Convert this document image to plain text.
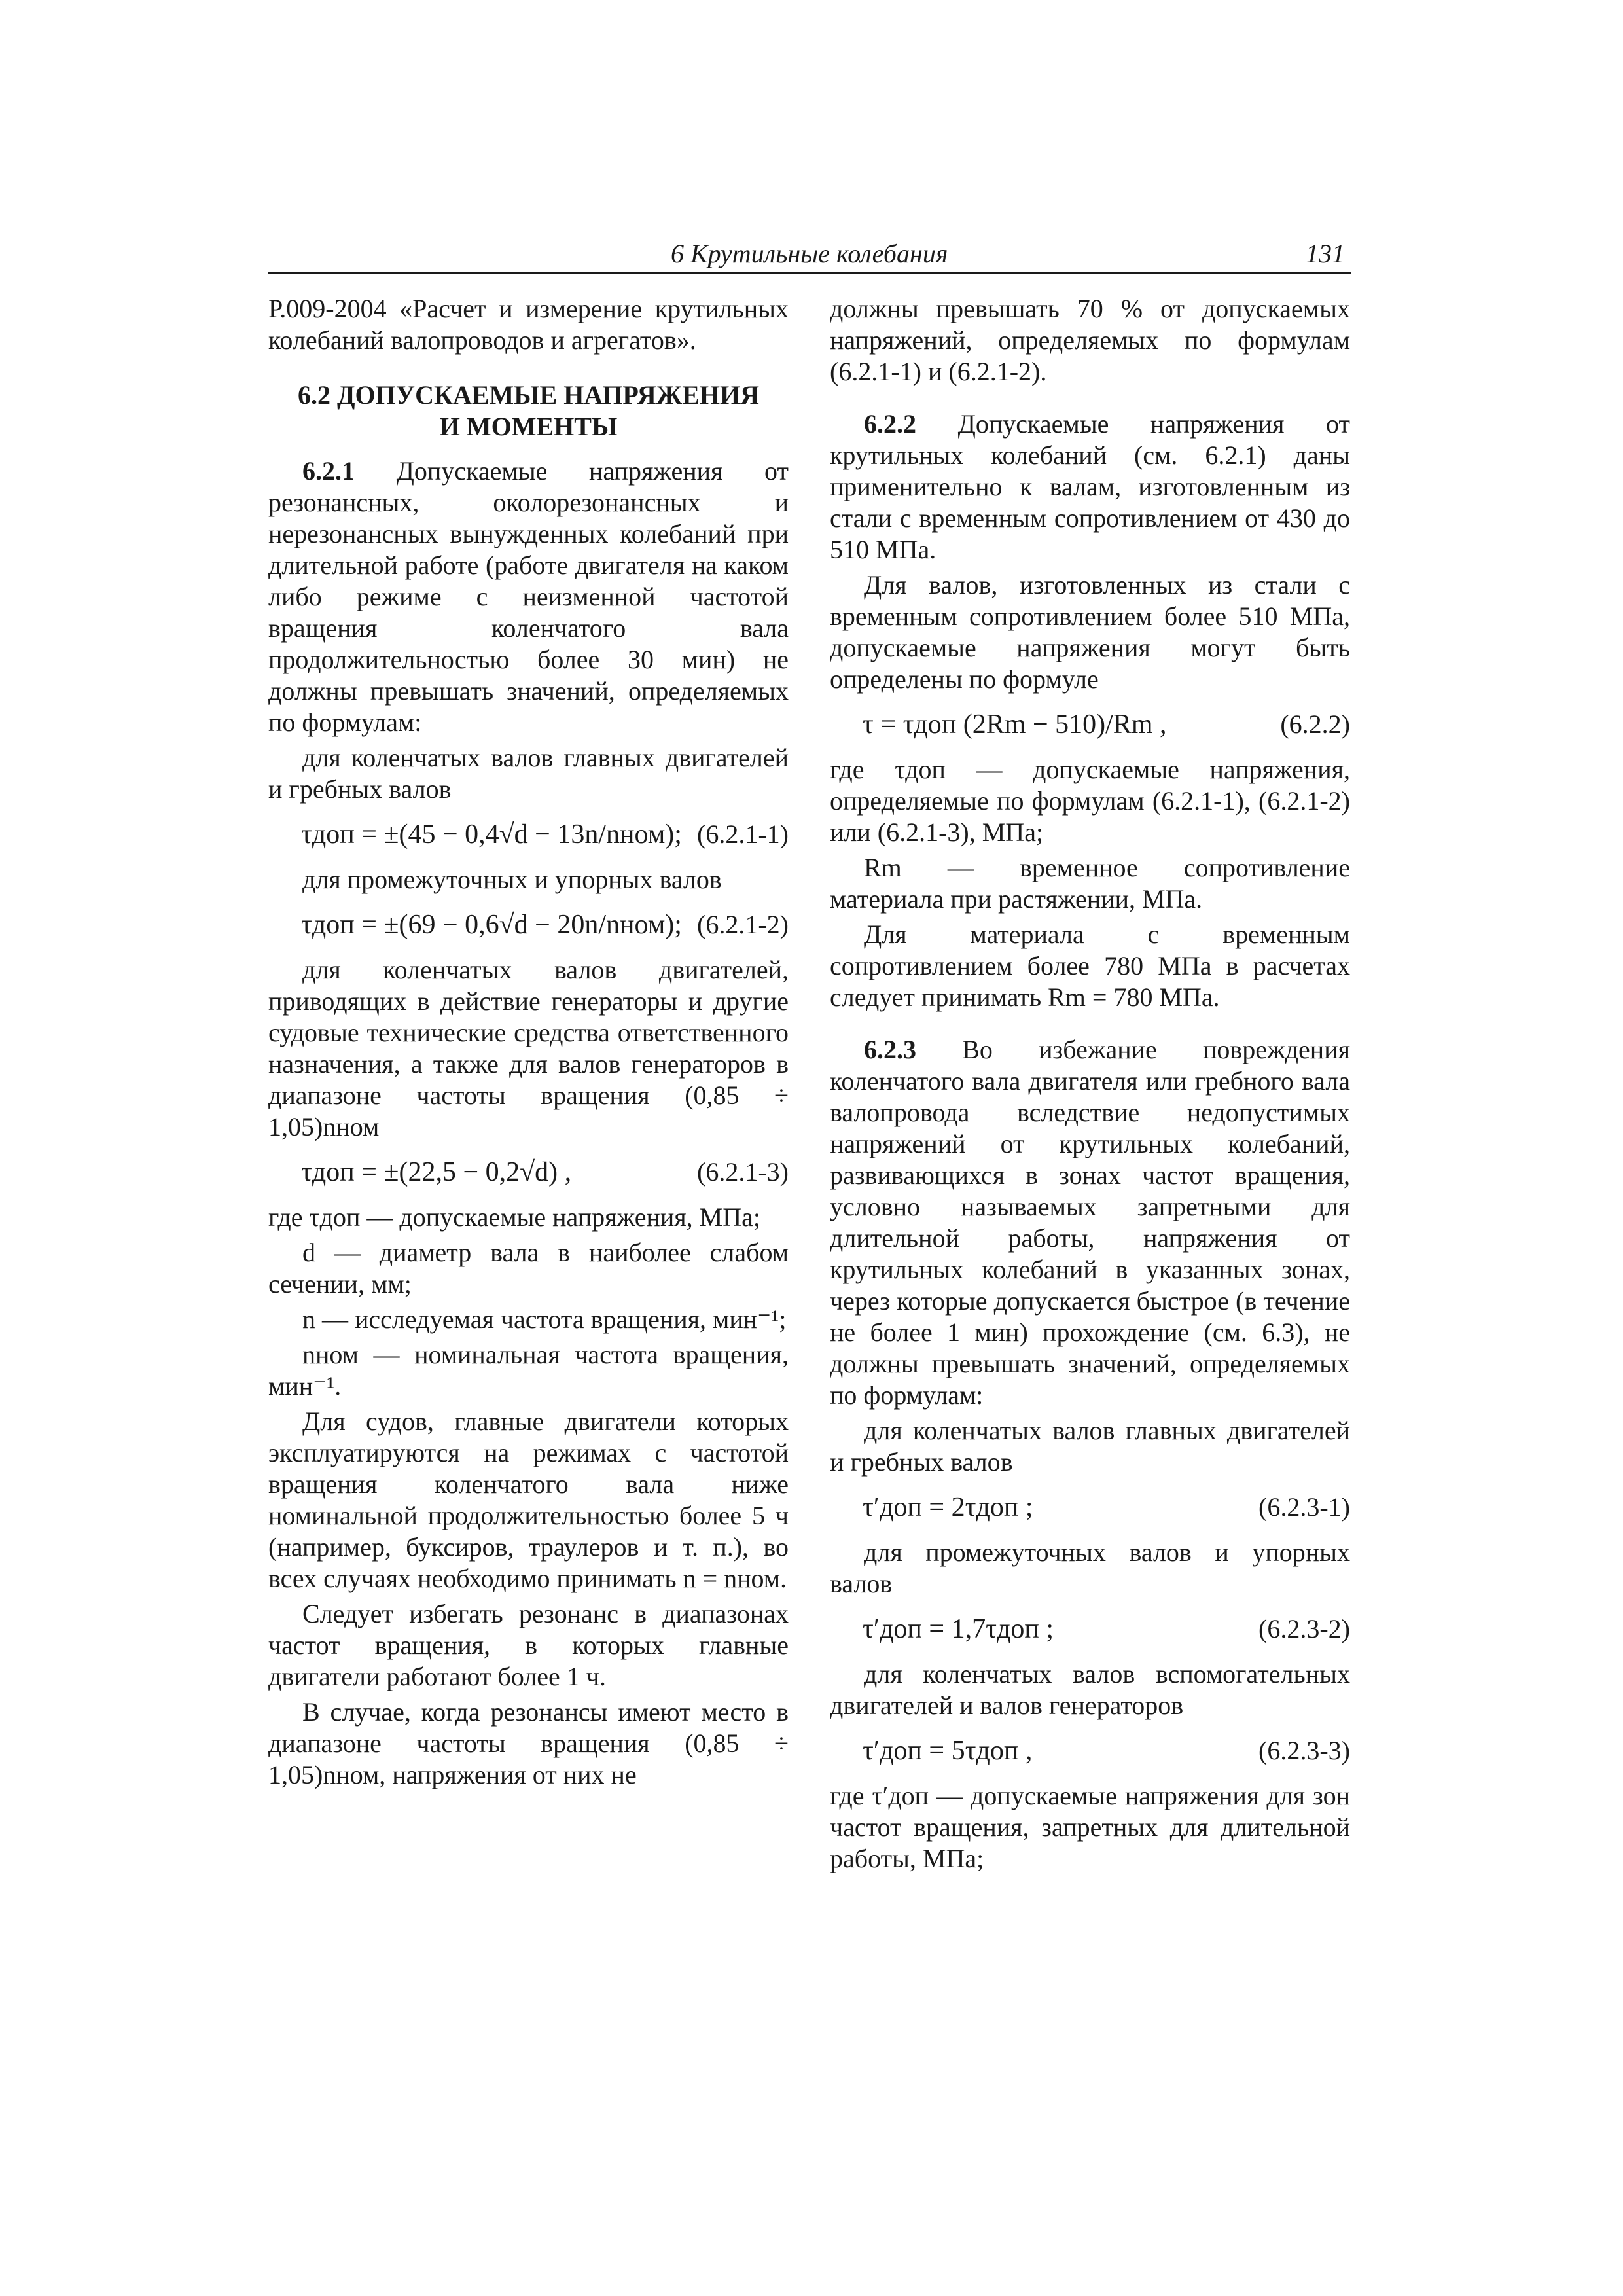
6 Крутильные колебания	131

Р.009-2004 «Расчет и измерение крутильных колебаний валопроводов и агрегатов».

6.2 ДОПУСКАЕМЫЕ НАПРЯЖЕНИЯ
И МОМЕНТЫ

6.2.1 Допускаемые напряжения от резонансных, околорезонансных и нерезонансных вынужденных колебаний при длительной работе (работе двигателя на каком либо режиме с неизменной частотой вращения коленчатого вала продолжительностью более 30 мин) не должны превышать значений, определяемых по формулам:

для коленчатых валов главных двигателей и гребных валов

τдоп = ±(45 − 0,4√d − 13n/nном); (6.2.1-1)

для промежуточных и упорных валов

τдоп = ±(69 − 0,6√d − 20n/nном); (6.2.1-2)

для коленчатых валов двигателей, приводящих в действие генераторы и другие судовые технические средства ответственного назначения, а также для валов генераторов в диапазоне частоты вращения (0,85 ÷ 1,05)nном

τдоп = ±(22,5 − 0,2√d) ,	(6.2.1-3)

где τдоп — допускаемые напряжения, МПа;

d — диаметр вала в наиболее слабом сечении, мм;

n — исследуемая частота вращения, мин⁻¹;

nном — номинальная частота вращения, мин⁻¹.

Для судов, главные двигатели которых эксплуатируются на режимах с частотой вращения коленчатого вала ниже номинальной продолжительностью более 5 ч (например, буксиров, траулеров и т. п.), во всех случаях необходимо принимать n = nном.

Следует избегать резонанс в диапазонах частот вращения, в которых главные двигатели работают более 1 ч.

В случае, когда резонансы имеют место в диапазоне частоты вращения (0,85 ÷ 1,05)nном, напряжения от них не

должны превышать 70 % от допускаемых напряжений, определяемых по формулам (6.2.1-1) и (6.2.1-2).

6.2.2 Допускаемые напряжения от крутильных колебаний (см. 6.2.1) даны применительно к валам, изготовленным из стали с временным сопротивлением от 430 до 510 МПа.

Для валов, изготовленных из стали с временным сопротивлением более 510 МПа, допускаемые напряжения могут быть определены по формуле

τ = τдоп (2Rm − 510)/Rm ,	(6.2.2)

где τдоп — допускаемые напряжения, определяемые по формулам (6.2.1-1), (6.2.1-2) или (6.2.1-3), МПа;

Rm — временное сопротивление материала при растяжении, МПа.

Для материала с временным сопротивлением более 780 МПа в расчетах следует принимать Rm = 780 МПа.

6.2.3 Во избежание повреждения коленчатого вала двигателя или гребного вала валопровода вследствие недопустимых напряжений от крутильных колебаний, развивающихся в зонах частот вращения, условно называемых запретными для длительной работы, напряжения от крутильных колебаний в указанных зонах, через которые допускается быстрое (в течение не более 1 мин) прохождение (см. 6.3), не должны превышать значений, определяемых по формулам:

для коленчатых валов главных двигателей и гребных валов

τ′доп = 2τдоп ;	(6.2.3-1)

для промежуточных валов и упорных валов

τ′доп = 1,7τдоп ;	(6.2.3-2)

для коленчатых валов вспомогательных двигателей и валов генераторов

τ′доп = 5τдоп ,	(6.2.3-3)

где τ′доп — допускаемые напряжения для зон частот вращения, запретных для длительной работы, МПа;
